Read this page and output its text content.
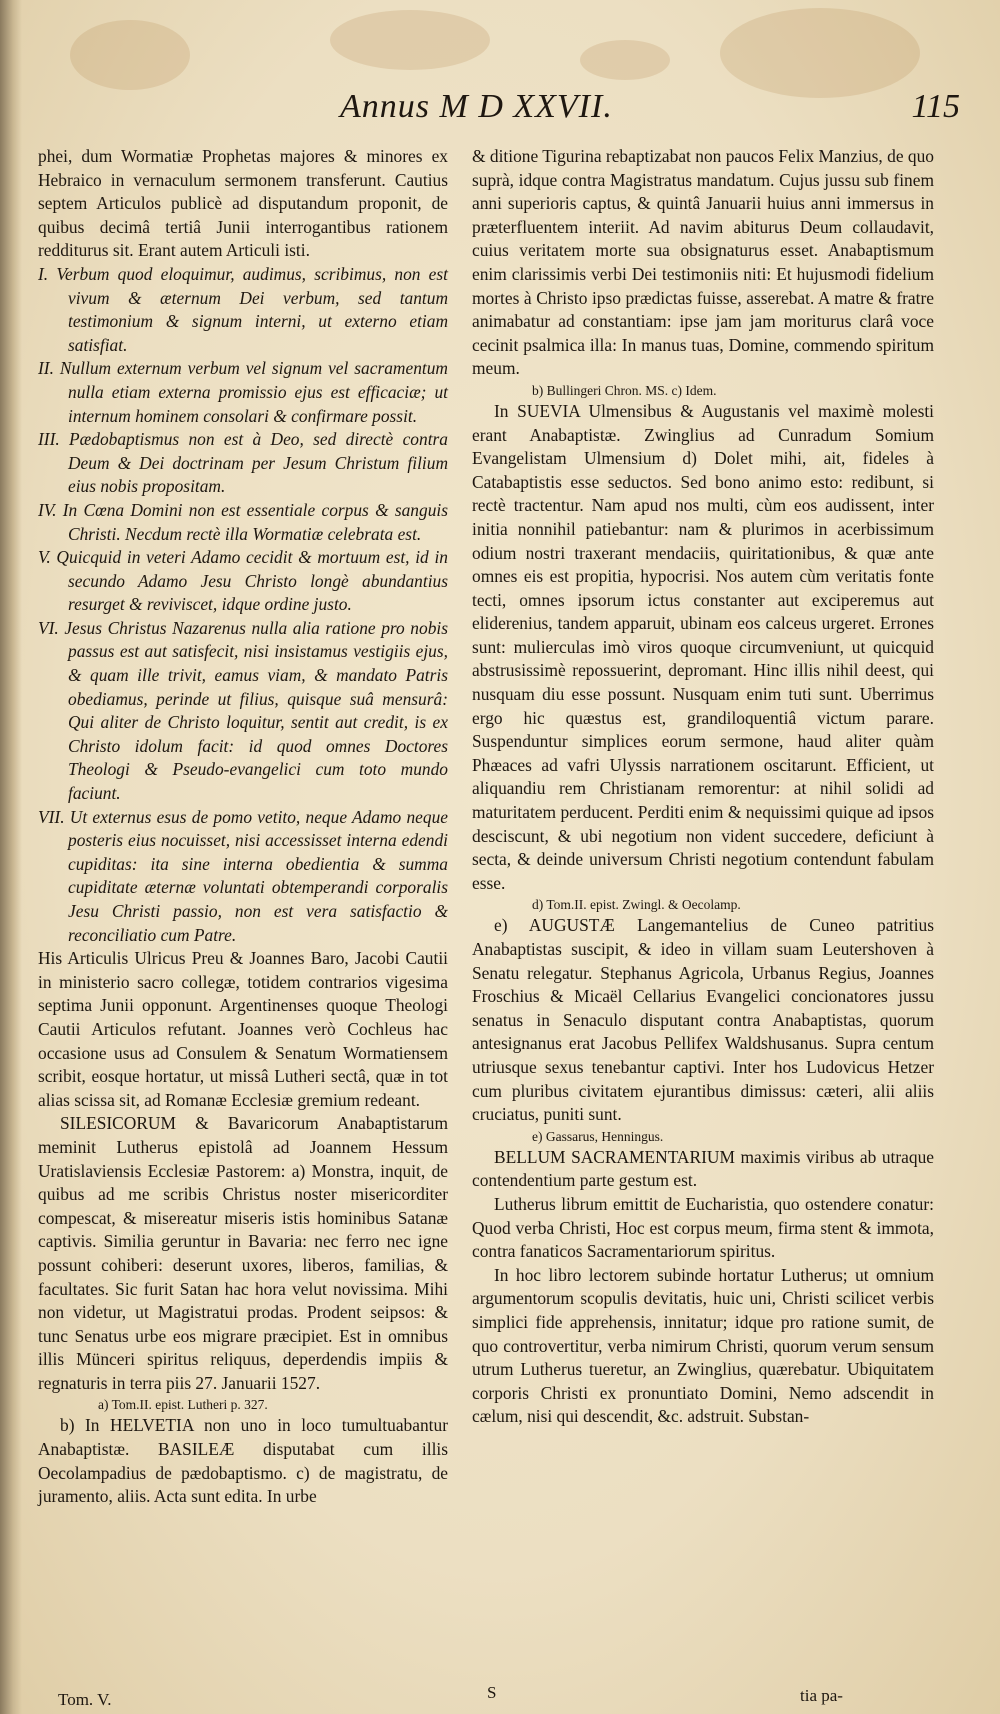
Annus M D XXVII.	115

phei, dum Wormatiæ Prophetas majores & minores ex Hebraico in vernaculum sermonem transferunt. Cautius septem Articulos publicè ad disputandum proponit, de quibus decimâ tertiâ Junii interrogantibus rationem redditurus sit. Erant autem Articuli isti.

I. Verbum quod eloquimur, audimus, scribimus, non est vivum & æternum Dei verbum, sed tantum testimonium & signum interni, ut externo etiam satisfiat.

II. Nullum externum verbum vel signum vel sacramentum nulla etiam externa promissio ejus est efficaciæ; ut internum hominem consolari & confirmare possit.

III. Pædobaptismus non est à Deo, sed directè contra Deum & Dei doctrinam per Jesum Christum filium eius nobis propositam.

IV. In Cœna Domini non est essentiale corpus & sanguis Christi. Necdum rectè illa Wormatiæ celebrata est.

V. Quicquid in veteri Adamo cecidit & mortuum est, id in secundo Adamo Jesu Christo longè abundantius resurget & reviviscet, idque ordine justo.

VI. Jesus Christus Nazarenus nulla alia ratione pro nobis passus est aut satisfecit, nisi insistamus vestigiis ejus, & quam ille trivit, eamus viam, & mandato Patris obediamus, perinde ut filius, quisque suâ mensurâ: Qui aliter de Christo loquitur, sentit aut credit, is ex Christo idolum facit: id quod omnes Doctores Theologi & Pseudo-evangelici cum toto mundo faciunt.

VII. Ut externus esus de pomo vetito, neque Adamo neque posteris eius nocuisset, nisi accessisset interna edendi cupiditas: ita sine interna obedientia & summa cupiditate æternæ voluntati obtemperandi corporalis Jesu Christi passio, non est vera satisfactio & reconciliatio cum Patre.

His Articulis Ulricus Preu & Joannes Baro, Jacobi Cautii in ministerio sacro collegæ, totidem contrarios vigesima septima Junii opponunt. Argentinenses quoque Theologi Cautii Articulos refutant. Joannes verò Cochleus hac occasione usus ad Consulem & Senatum Wormatiensem scribit, eosque hortatur, ut missâ Lutheri sectâ, quæ in tot alias scissa sit, ad Romanæ Ecclesiæ gremium redeant.

SILESICORUM & Bavaricorum Anabaptistarum meminit Lutherus epistolâ ad Joannem Hessum Uratislaviensis Ecclesiæ Pastorem: a) Monstra, inquit, de quibus ad me scribis Christus noster misericorditer compescat, & misereatur miseris istis hominibus Satanæ captivis. Similia geruntur in Bavaria: nec ferro nec igne possunt cohiberi: deserunt uxores, liberos, familias, & facultates. Sic furit Satan hac hora velut novissima. Mihi non videtur, ut Magistratui prodas. Prodent seipsos: & tunc Senatus urbe eos migrare præcipiet. Est in omnibus illis Münceri spiritus reliquus, deperdendis impiis & regnaturis in terra piis 27. Januarii 1527.

a) Tom.II. epist. Lutheri p. 327.

b) In HELVETIA non uno in loco tumultuabantur Anabaptistæ. BASILEÆ disputabat cum illis Oecolampadius de pædobaptismo. c) de magistratu, de juramento, aliis. Acta sunt edita. In urbe

& ditione Tigurina rebaptizabat non paucos Felix Manzius, de quo suprà, idque contra Magistratus mandatum. Cujus jussu sub finem anni superioris captus, & quintâ Januarii huius anni immersus in præterfluentem interiit. Ad navim abiturus Deum collaudavit, cuius veritatem morte sua obsignaturus esset. Anabaptismum enim clarissimis verbi Dei testimoniis niti: Et hujusmodi fidelium mortes à Christo ipso prædictas fuisse, asserebat. A matre & fratre animabatur ad constantiam: ipse jam jam moriturus clarâ voce cecinit psalmica illa: In manus tuas, Domine, commendo spiritum meum.

b) Bullingeri Chron. MS. c) Idem.

In SUEVIA Ulmensibus & Augustanis vel maximè molesti erant Anabaptistæ. Zwinglius ad Cunradum Somium Evangelistam Ulmensium d) Dolet mihi, ait, fideles à Catabaptistis esse seductos. Sed bono animo esto: redibunt, si rectè tractentur. Nam apud nos multi, cùm eos audissent, inter initia nonnihil patiebantur: nam & plurimos in acerbissimum odium nostri traxerant mendaciis, quiritationibus, & quæ ante omnes eis est propitia, hypocrisi. Nos autem cùm veritatis fonte tecti, omnes ipsorum ictus constanter aut exciperemus aut eliderenius, tandem apparuit, ubinam eos calceus urgeret. Errones sunt: mulierculas imò viros quoque circumveniunt, ut quicquid abstrusissimè repossuerint, depromant. Hinc illis nihil deest, qui nusquam diu esse possunt. Nusquam enim tuti sunt. Uberrimus ergo hic quæstus est, grandiloquentiâ victum parare. Suspenduntur simplices eorum sermone, haud aliter quàm Phæaces ad vafri Ulyssis narrationem oscitarunt. Efficient, ut aliquandiu rem Christianam remorentur: at nihil solidi ad maturitatem perducent. Perditi enim & nequissimi quique ad ipsos desciscunt, & ubi negotium non vident succedere, deficiunt à secta, & deinde universum Christi negotium contendunt fabulam esse.

d) Tom.II. epist. Zwingl. & Oecolamp.

e) AUGUSTÆ Langemantelius de Cuneo patritius Anabaptistas suscipit, & ideo in villam suam Leutershoven à Senatu relegatur. Stephanus Agricola, Urbanus Regius, Joannes Froschius & Micaël Cellarius Evangelici concionatores jussu senatus in Senaculo disputant contra Anabaptistas, quorum antesignanus erat Jacobus Pellifex Waldshusanus. Supra centum utriusque sexus tenebantur captivi. Inter hos Ludovicus Hetzer cum pluribus civitatem ejurantibus dimissus: cæteri, alii aliis cruciatus, puniti sunt.

e) Gassarus, Henningus.

BELLUM SACRAMENTARIUM maximis viribus ab utraque contendentium parte gestum est.

Lutherus librum emittit de Eucharistia, quo ostendere conatur: Quod verba Christi, Hoc est corpus meum, firma stent & immota, contra fanaticos Sacramentariorum spiritus.

In hoc libro lectorem subinde hortatur Lutherus; ut omnium argumentorum scopulis devitatis, huic uni, Christi scilicet verbis simplici fide apprehensis, innitatur; idque pro ratione sumit, de quo controvertitur, verba nimirum Christi, quorum verum sensum utrum Lutherus tueretur, an Zwinglius, quærebatur. Ubiquitatem corporis Christi ex pronuntiato Domini, Nemo adscendit in cælum, nisi qui descendit, &c. adstruit. Substan-

Tom. V.	S	tia pa-
